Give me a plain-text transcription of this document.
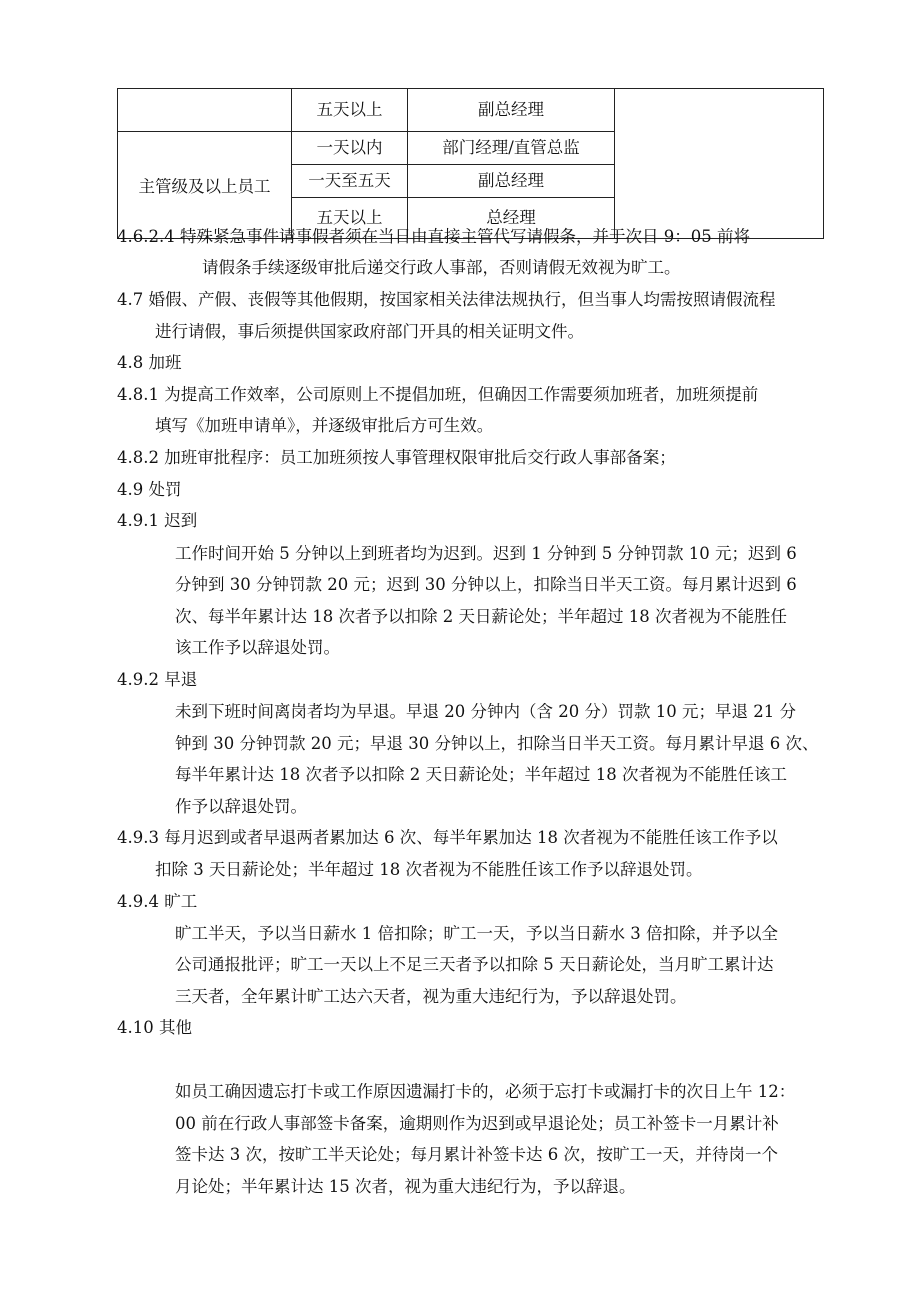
	五天以上	副总经理	
主管级及以上员工	一天以内	部门经理/直管总监	
	一天至五天	副总经理	
	五天以上	总经理	
4.6.2.4 特殊紧急事件请事假者须在当日由直接主管代写请假条，并于次日 9：05 前将
请假条手续逐级审批后递交行政人事部，否则请假无效视为旷工。
4.7 婚假、产假、丧假等其他假期，按国家相关法律法规执行，但当事人均需按照请假流程
进行请假，事后须提供国家政府部门开具的相关证明文件。
4.8 加班
4.8.1 为提高工作效率，公司原则上不提倡加班，但确因工作需要须加班者，加班须提前
填写《加班申请单》，并逐级审批后方可生效。
4.8.2 加班审批程序：员工加班须按人事管理权限审批后交行政人事部备案；
4.9 处罚
4.9.1 迟到
工作时间开始 5 分钟以上到班者均为迟到。迟到 1 分钟到 5 分钟罚款 10 元；迟到 6
分钟到 30 分钟罚款 20 元；迟到 30 分钟以上，扣除当日半天工资。每月累计迟到 6
次、每半年累计达 18 次者予以扣除 2 天日薪论处；半年超过 18 次者视为不能胜任
该工作予以辞退处罚。
4.9.2 早退
未到下班时间离岗者均为早退。早退 20 分钟内（含 20 分）罚款 10 元；早退 21 分
钟到 30 分钟罚款 20 元；早退 30 分钟以上，扣除当日半天工资。每月累计早退 6 次、
每半年累计达 18 次者予以扣除 2 天日薪论处；半年超过 18 次者视为不能胜任该工
作予以辞退处罚。
4.9.3 每月迟到或者早退两者累加达 6 次、每半年累加达 18 次者视为不能胜任该工作予以
扣除 3 天日薪论处；半年超过 18 次者视为不能胜任该工作予以辞退处罚。
4.9.4 旷工
旷工半天，予以当日薪水 1 倍扣除；旷工一天，予以当日薪水 3 倍扣除，并予以全
公司通报批评；旷工一天以上不足三天者予以扣除 5 天日薪论处，当月旷工累计达
三天者，全年累计旷工达六天者，视为重大违纪行为，予以辞退处罚。
4.10 其他
如员工确因遗忘打卡或工作原因遗漏打卡的，必须于忘打卡或漏打卡的次日上午 12：
00 前在行政人事部签卡备案，逾期则作为迟到或早退论处；员工补签卡一月累计补
签卡达 3 次，按旷工半天论处；每月累计补签卡达 6 次，按旷工一天，并待岗一个
月论处；半年累计达 15 次者，视为重大违纪行为，予以辞退。
